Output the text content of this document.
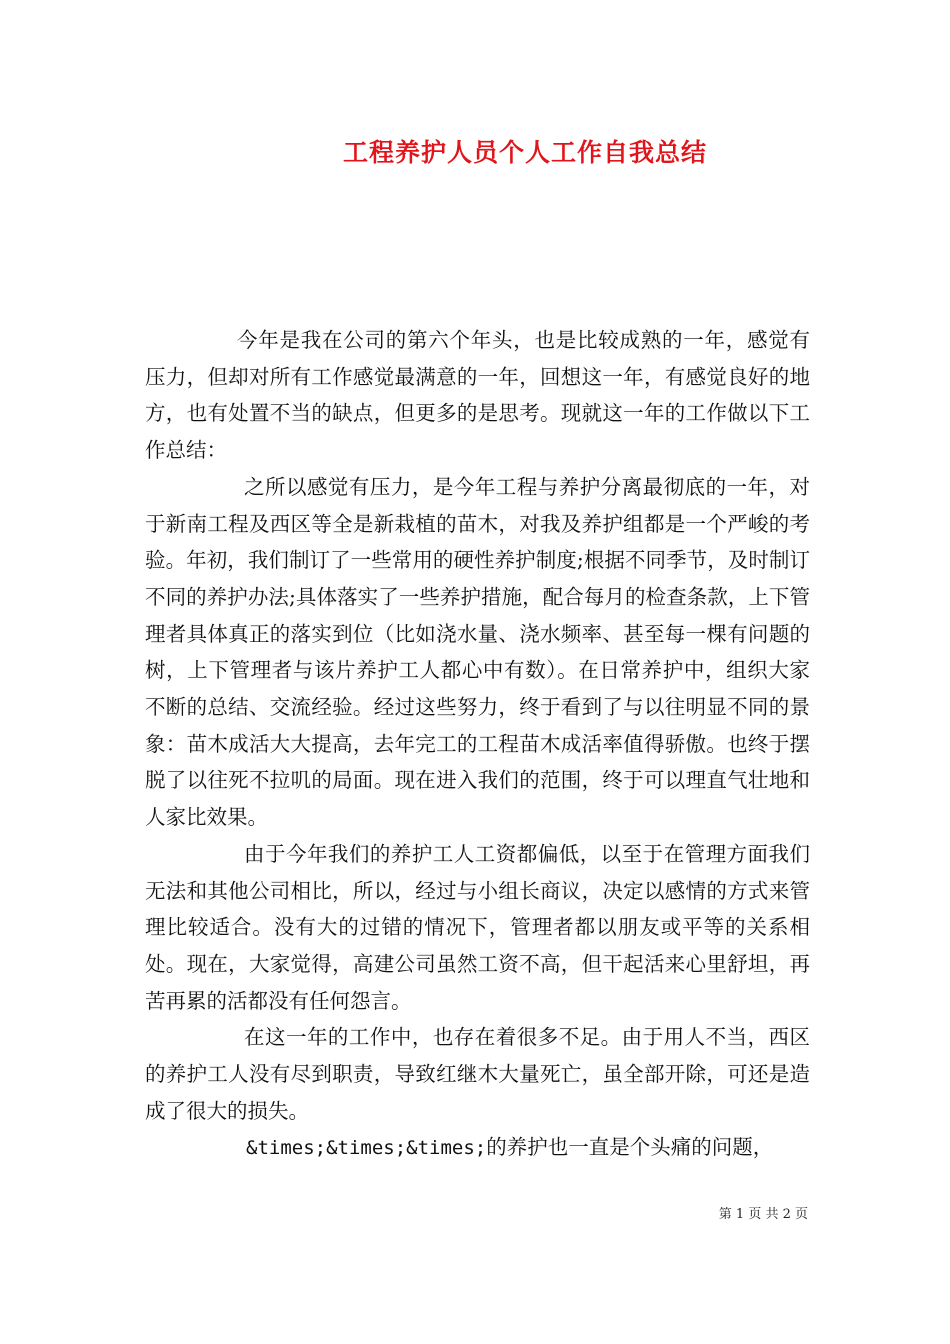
工程养护人员个人工作自我总结

今年是我在公司的第六个年头，也是比较成熟的一年，感觉有压力，但却对所有工作感觉最满意的一年，回想这一年，有感觉良好的地方，也有处置不当的缺点，但更多的是思考。现就这一年的工作做以下工作总结：

之所以感觉有压力，是今年工程与养护分离最彻底的一年，对于新南工程及西区等全是新栽植的苗木，对我及养护组都是一个严峻的考验。年初，我们制订了一些常用的硬性养护制度;根据不同季节，及时制订不同的养护办法;具体落实了一些养护措施，配合每月的检查条款，上下管理者具体真正的落实到位（比如浇水量、浇水频率、甚至每一棵有问题的树，上下管理者与该片养护工人都心中有数）。在日常养护中，组织大家不断的总结、交流经验。经过这些努力，终于看到了与以往明显不同的景象：苗木成活大大提高，去年完工的工程苗木成活率值得骄傲。也终于摆脱了以往死不拉叽的局面。现在进入我们的范围，终于可以理直气壮地和人家比效果。

由于今年我们的养护工人工资都偏低，以至于在管理方面我们无法和其他公司相比，所以，经过与小组长商议，决定以感情的方式来管理比较适合。没有大的过错的情况下，管理者都以朋友或平等的关系相处。现在，大家觉得，高建公司虽然工资不高，但干起活来心里舒坦，再苦再累的活都没有任何怨言。

在这一年的工作中，也存在着很多不足。由于用人不当，西区的养护工人没有尽到职责，导致红继木大量死亡，虽全部开除，可还是造成了很大的损失。

&times;&times;&times;的养护也一直是个头痛的问题，

第 1 页 共 2 页
